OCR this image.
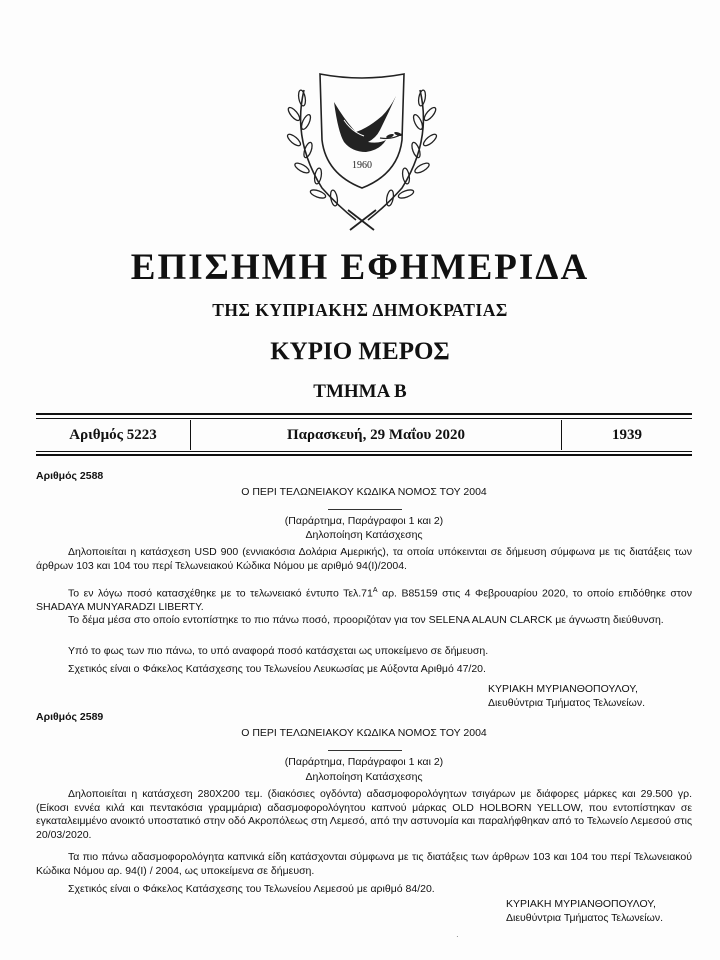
1960
ΕΠΙΣΗΜΗ ΕΦΗΜΕΡΙΔΑ
ΤΗΣ ΚΥΠΡΙΑΚΗΣ ΔΗΜΟΚΡΑΤΙΑΣ
ΚΥΡΙΟ ΜΕΡΟΣ
ΤΜΗΜΑ Β
Αριθμός 5223	Παρασκευή, 29 Μαΐου 2020	1939
Αριθμός 2588
Ο ΠΕΡΙ ΤΕΛΩΝΕΙΑΚΟΥ ΚΩΔΙΚΑ ΝΟΜΟΣ ΤΟΥ 2004
(Παράρτημα, Παράγραφοι 1 και 2)
Δηλοποίηση Κατάσχεσης
Δηλοποιείται η κατάσχεση USD 900 (εννιακόσια Δολάρια Αμερικής), τα οποία υπόκεινται σε δήμευση σύμφωνα με τις διατάξεις των άρθρων 103 και 104 του περί Τελωνειακού Κώδικα Νόμου με αριθμό 94(I)/2004.
Το εν λόγω ποσό κατασχέθηκε με το τελωνειακό έντυπο $T\varepsilon\lambda.71^A$ αρ. B85159 στις 4 Φεβρουαρίου 2020, το οποίο επιδόθηκε στον SHADAYA MUNYARADZI LIBERTY.
Το δέμα μέσα στο οποίο εντοπίστηκε το πιο πάνω ποσό, προοριζόταν για τον SELENA ALAUN CLARCK με άγνωστη διεύθυνση.
Υπό το φως των πιο πάνω, το υπό αναφορά ποσό κατάσχεται ως υποκείμενο σε δήμευση.
Σχετικός είναι ο Φάκελος Κατάσχεσης του Τελωνείου Λευκωσίας με Αύξοντα Αριθμό 47/20.
ΚΥΡΙΑΚΗ ΜΥΡΙΑΝΘΟΠΟΥΛΟΥ,
Διευθύντρια Τμήματος Τελωνείων.
Αριθμός 2589
Ο ΠΕΡΙ ΤΕΛΩΝΕΙΑΚΟΥ ΚΩΔΙΚΑ ΝΟΜΟΣ ΤΟΥ 2004
(Παράρτημα, Παράγραφοι 1 και 2)
Δηλοποίηση Κατάσχεσης
Δηλοποιείται η κατάσχεση 280X200 τεμ. (διακόσιες ογδόντα) αδασμοφορολόγητων τσιγάρων με διάφορες μάρκες και 29.500 γρ. (Είκοσι εννέα κιλά και πεντακόσια γραμμάρια) αδασμοφορολόγητου καπνού μάρκας OLD HOLBORN YELLOW, που εντοπίστηκαν σε εγκαταλειμμένο ανοικτό υποστατικό στην οδό Ακροπόλεως στη Λεμεσό, από την αστυνομία και παραλήφθηκαν από το Τελωνείο Λεμεσού στις 20/03/2020.
Τα πιο πάνω αδασμοφορολόγητα καπνικά είδη κατάσχονται σύμφωνα με τις διατάξεις των άρθρων 103 και 104 του περί Τελωνειακού Κώδικα Νόμου αρ. 94(I) / 2004, ως υποκείμενα σε δήμευση.
Σχετικός είναι ο Φάκελος Κατάσχεσης του Τελωνείου Λεμεσού με αριθμό 84/20.
ΚΥΡΙΑΚΗ ΜΥΡΙΑΝΘΟΠΟΥΛΟΥ,
Διευθύντρια Τμήματος Τελωνείων.
·
